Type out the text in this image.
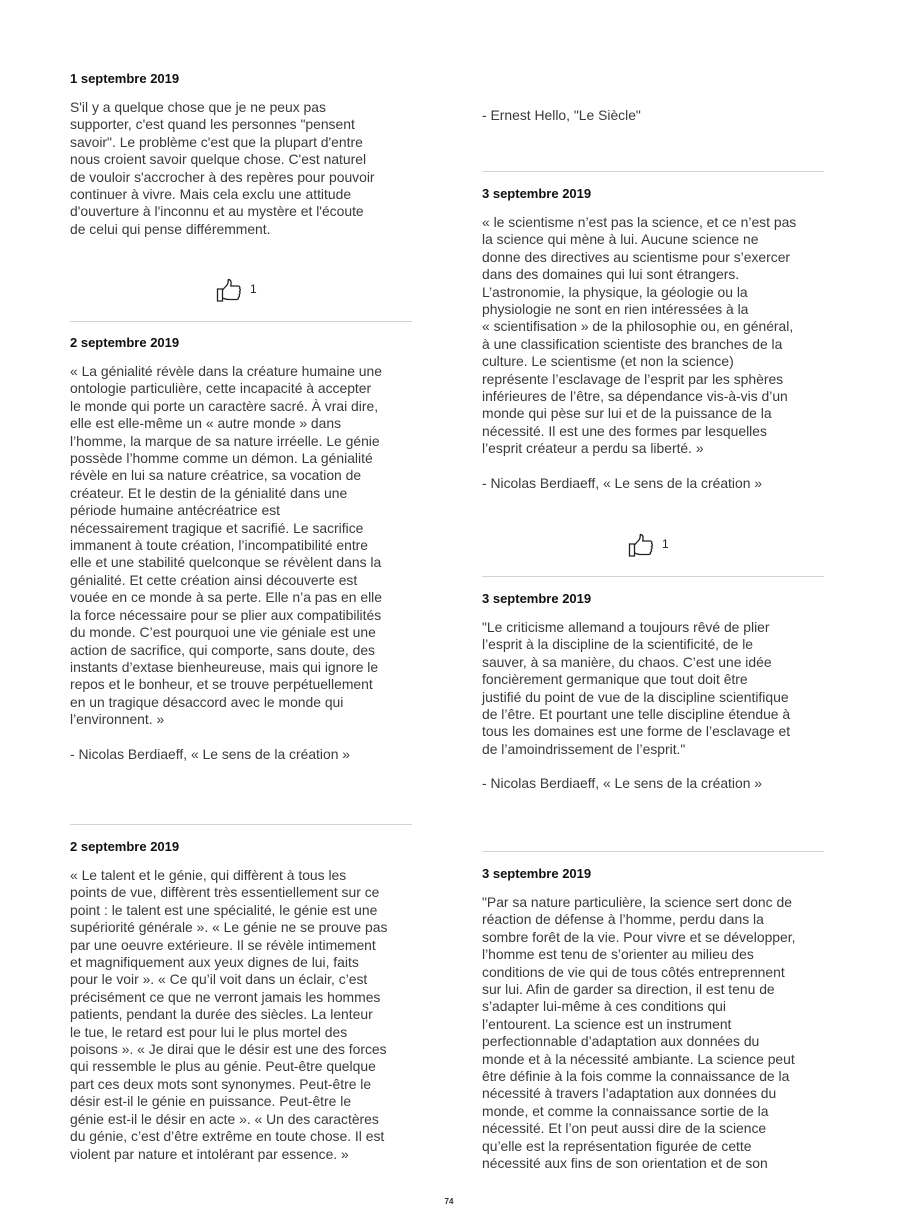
1 septembre 2019
S'il y a quelque chose que je ne peux pas
supporter, c'est quand les personnes "pensent
savoir". Le problème c'est que la plupart d'entre
nous croient savoir quelque chose. C'est naturel
de vouloir s'accrocher à des repères pour pouvoir
continuer à vivre. Mais cela exclu une attitude
d'ouverture à l'inconnu et au mystère et l'écoute
de celui qui pense différemment.
1
2 septembre 2019
« La génialité révèle dans la créature humaine une
ontologie particulière, cette incapacité à accepter
le monde qui porte un caractère sacré. À vrai dire,
elle est elle-même un « autre monde » dans
l’homme, la marque de sa nature irréelle. Le génie
possède l’homme comme un démon. La génialité
révèle en lui sa nature créatrice, sa vocation de
créateur. Et le destin de la génialité dans une
période humaine antécréatrice est
nécessairement tragique et sacrifié. Le sacrifice
immanent à toute création, l’incompatibilité entre
elle et une stabilité quelconque se révèlent dans la
génialité. Et cette création ainsi découverte est
vouée en ce monde à sa perte. Elle n’a pas en elle
la force nécessaire pour se plier aux compatibilités
du monde. C’est pourquoi une vie géniale est une
action de sacrifice, qui comporte, sans doute, des
instants d’extase bienheureuse, mais qui ignore le
repos et le bonheur, et se trouve perpétuellement
en un tragique désaccord avec le monde qui
l’environnent. »
- Nicolas Berdiaeff, « Le sens de la création »
2 septembre 2019
« Le talent et le génie, qui diffèrent à tous les
points de vue, diffèrent très essentiellement sur ce
point : le talent est une spécialité, le génie est une
supériorité générale ». « Le génie ne se prouve pas
par une oeuvre extérieure. Il se révèle intimement
et magnifiquement aux yeux dignes de lui, faits
pour le voir ». « Ce qu’il voit dans un éclair, c’est
précisément ce que ne verront jamais les hommes
patients, pendant la durée des siècles. La lenteur
le tue, le retard est pour lui le plus mortel des
poisons ». « Je dirai que le désir est une des forces
qui ressemble le plus au génie. Peut-être quelque
part ces deux mots sont synonymes. Peut-être le
désir est-il le génie en puissance. Peut-être le
génie est-il le désir en acte ». « Un des caractères
du génie, c’est d’être extrême en toute chose. Il est
violent par nature et intolérant par essence. »
- Ernest Hello, "Le Siècle"
3 septembre 2019
« le scientisme n’est pas la science, et ce n’est pas
la science qui mène à lui. Aucune science ne
donne des directives au scientisme pour s’exercer
dans des domaines qui lui sont étrangers.
L’astronomie, la physique, la géologie ou la
physiologie ne sont en rien intéressées à la
« scientifisation » de la philosophie ou, en général,
à une classification scientiste des branches de la
culture. Le scientisme (et non la science)
représente l’esclavage de l’esprit par les sphères
inférieures de l’être, sa dépendance vis-à-vis d’un
monde qui pèse sur lui et de la puissance de la
nécessité. Il est une des formes par lesquelles
l’esprit créateur a perdu sa liberté. »
- Nicolas Berdiaeff, « Le sens de la création »
1
3 septembre 2019
"Le criticisme allemand a toujours rêvé de plier
l’esprit à la discipline de la scientificité, de le
sauver, à sa manière, du chaos. C’est une idée
foncièrement germanique que tout doit être
justifié du point de vue de la discipline scientifique
de l’être. Et pourtant une telle discipline étendue à
tous les domaines est une forme de l’esclavage et
de l’amoindrissement de l’esprit."
- Nicolas Berdiaeff, « Le sens de la création »
3 septembre 2019
"Par sa nature particulière, la science sert donc de
réaction de défense à l’homme, perdu dans la
sombre forêt de la vie. Pour vivre et se développer,
l’homme est tenu de s’orienter au milieu des
conditions de vie qui de tous côtés entreprennent
sur lui. Afin de garder sa direction, il est tenu de
s’adapter lui-même à ces conditions qui
l’entourent. La science est un instrument
perfectionnable d’adaptation aux données du
monde et à la nécessité ambiante. La science peut
être définie à la fois comme la connaissance de la
nécessité à travers l’adaptation aux données du
monde, et comme la connaissance sortie de la
nécessité. Et l’on peut aussi dire de la science
qu’elle est la représentation figurée de cette
nécessité aux fins de son orientation et de son
74
